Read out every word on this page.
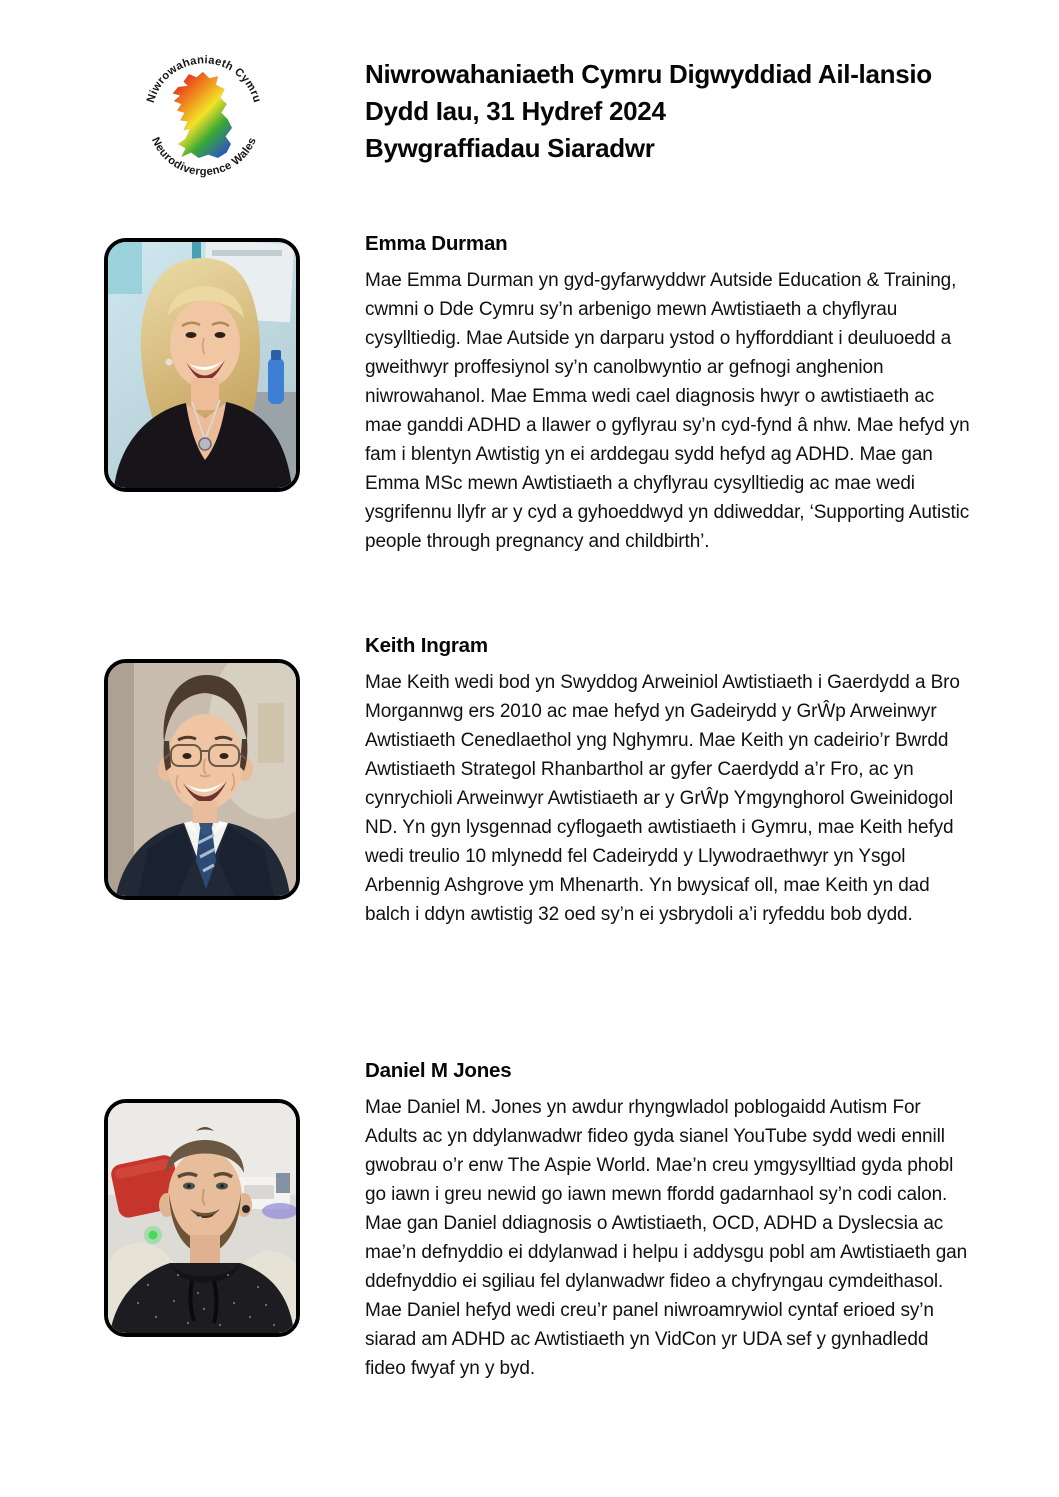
Niwrowahaniaeth Cymru
Neurodivergence Wales
Niwrowahaniaeth Cymru Digwyddiad Ail-lansio
Dydd Iau, 31 Hydref 2024
Bywgraffiadau Siaradwr
Emma Durman

Mae Emma Durman yn gyd-gyfarwyddwr Autside Education & Training, cwmni o Dde Cymru sy’n arbenigo mewn Awtistiaeth a chyflyrau cysylltiedig. Mae Autside yn darparu ystod o hyfforddiant i deuluoedd a gweithwyr proffesiynol sy’n canolbwyntio ar gefnogi anghenion niwrowahanol. Mae Emma wedi cael diagnosis hwyr o awtistiaeth ac mae ganddi ADHD a llawer o gyflyrau sy’n cyd-fynd â nhw. Mae hefyd yn fam i blentyn Awtistig yn ei arddegau sydd hefyd ag ADHD. Mae gan Emma MSc mewn Awtistiaeth a chyflyrau cysylltiedig ac mae wedi ysgrifennu llyfr ar y cyd a gyhoeddwyd yn ddiweddar, ‘Supporting Autistic people through pregnancy and childbirth’.

Keith Ingram

Mae Keith wedi bod yn Swyddog Arweiniol Awtistiaeth i Gaerdydd a Bro Morgannwg ers 2010 ac mae hefyd yn Gadeirydd y GrŴp Arweinwyr Awtistiaeth Cenedlaethol yng Nghymru. Mae Keith yn cadeirio’r Bwrdd Awtistiaeth Strategol Rhanbarthol ar gyfer Caerdydd a’r Fro, ac yn cynrychioli Arweinwyr Awtistiaeth ar y GrŴp Ymgynghorol Gweinidogol ND. Yn gyn lysgennad cyflogaeth awtistiaeth i Gymru, mae Keith hefyd wedi treulio 10 mlynedd fel Cadeirydd y Llywodraethwyr yn Ysgol Arbennig Ashgrove ym Mhenarth. Yn bwysicaf oll, mae Keith yn dad balch i ddyn awtistig 32 oed sy’n ei ysbrydoli a’i ryfeddu bob dydd.

Daniel M Jones

Mae Daniel M. Jones yn awdur rhyngwladol poblogaidd Autism For Adults ac yn ddylanwadwr fideo gyda sianel YouTube sydd wedi ennill gwobrau o’r enw The Aspie World. Mae’n creu ymgysylltiad gyda phobl go iawn i greu newid go iawn mewn ffordd gadarnhaol sy’n codi calon. Mae gan Daniel ddiagnosis o Awtistiaeth, OCD, ADHD a Dyslecsia ac mae’n defnyddio ei ddylanwad i helpu i addysgu pobl am Awtistiaeth gan ddefnyddio ei sgiliau fel dylanwadwr fideo a chyfryngau cymdeithasol. Mae Daniel hefyd wedi creu’r panel niwroamrywiol cyntaf erioed sy’n siarad am ADHD ac Awtistiaeth yn VidCon yr UDA sef y gynhadledd fideo fwyaf yn y byd.
